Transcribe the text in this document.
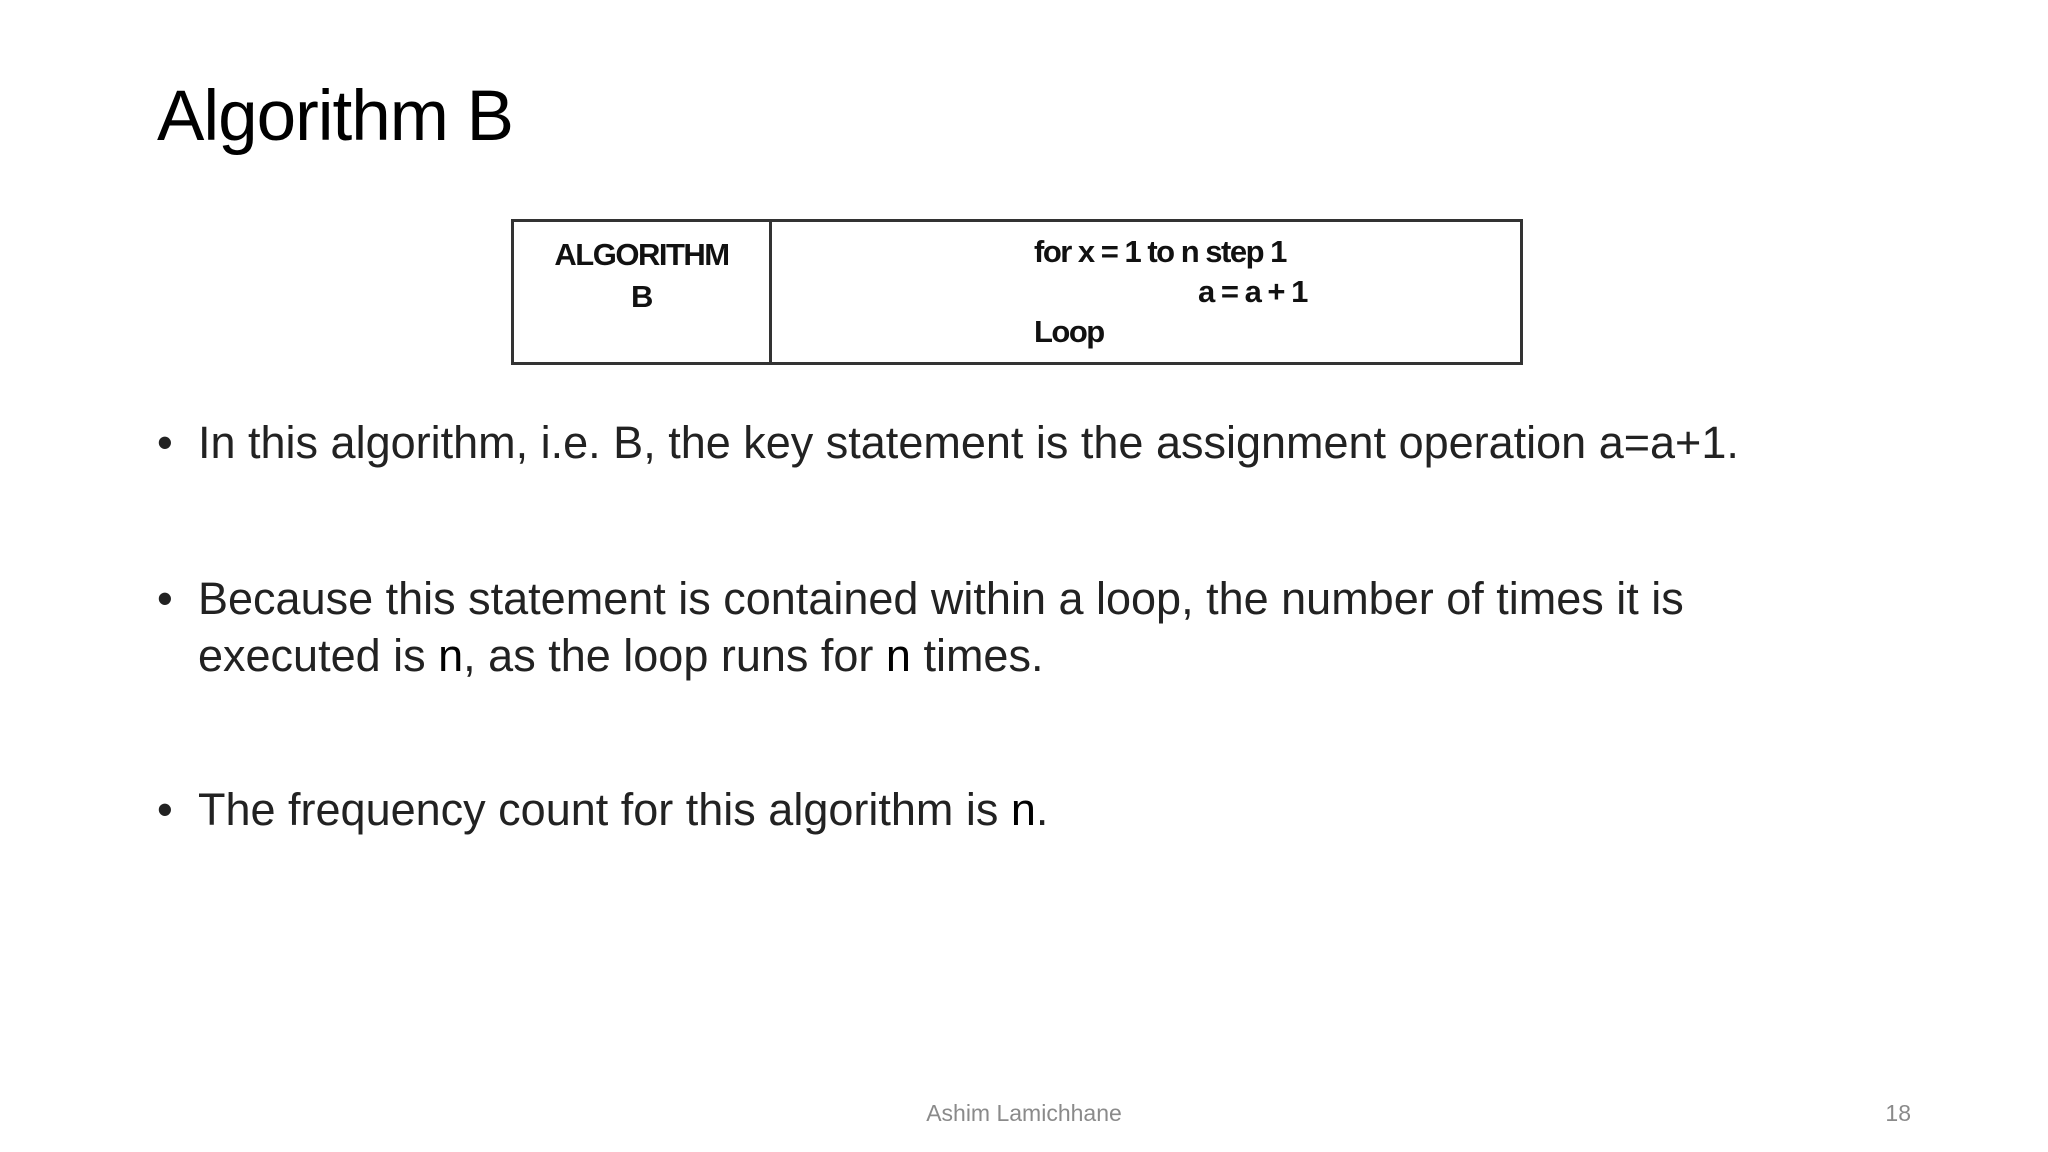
Algorithm B
ALGORITHM
B
for x = 1 to n step 1
a = a + 1
Loop
• In this algorithm, i.e. B, the key statement is the assignment operation a=a+1.
• Because this statement is contained within a loop, the number of times it is executed is n, as the loop runs for n times.
• The frequency count for this algorithm is n.
Ashim Lamichhane	18
